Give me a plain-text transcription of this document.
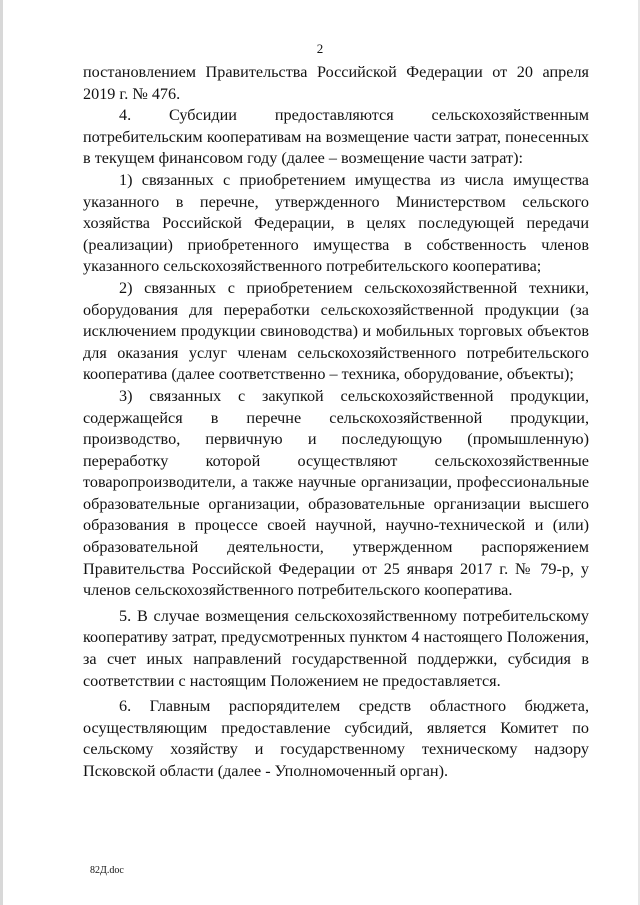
2

постановлением Правительства Российской Федерации от 20 апреля 2019 г. № 476.

4. Субсидии предоставляются сельскохозяйственным потребительским кооперативам на возмещение части затрат, понесенных в текущем финансовом году (далее – возмещение части затрат):

1) связанных с приобретением имущества из числа имущества указанного в перечне, утвержденного Министерством сельского хозяйства Российской Федерации, в целях последующей передачи (реализации) приобретенного имущества в собственность членов указанного сельскохозяйственного потребительского кооператива;

2) связанных с приобретением сельскохозяйственной техники, оборудования для переработки сельскохозяйственной продукции (за исключением продукции свиноводства) и мобильных торговых объектов для оказания услуг членам сельскохозяйственного потребительского кооператива (далее соответственно – техника, оборудование, объекты);

3) связанных с закупкой сельскохозяйственной продукции, содержащейся в перечне сельскохозяйственной продукции, производство, первичную и последующую (промышленную) переработку которой осуществляют сельскохозяйственные товаропроизводители, а также научные организации, профессиональные образовательные организации, образовательные организации высшего образования в процессе своей научной, научно-технической и (или) образовательной деятельности, утвержденном распоряжением Правительства Российской Федерации от 25 января 2017 г. № 79-р, у членов сельскохозяйственного потребительского кооператива.

5. В случае возмещения сельскохозяйственному потребительскому кооперативу затрат, предусмотренных пунктом 4 настоящего Положения, за счет иных направлений государственной поддержки, субсидия в соответствии с настоящим Положением не предоставляется.

6. Главным распорядителем средств областного бюджета, осуществляющим предоставление субсидий, является Комитет по сельскому хозяйству и государственному техническому надзору Псковской области (далее - Уполномоченный орган).

82Д.doc
